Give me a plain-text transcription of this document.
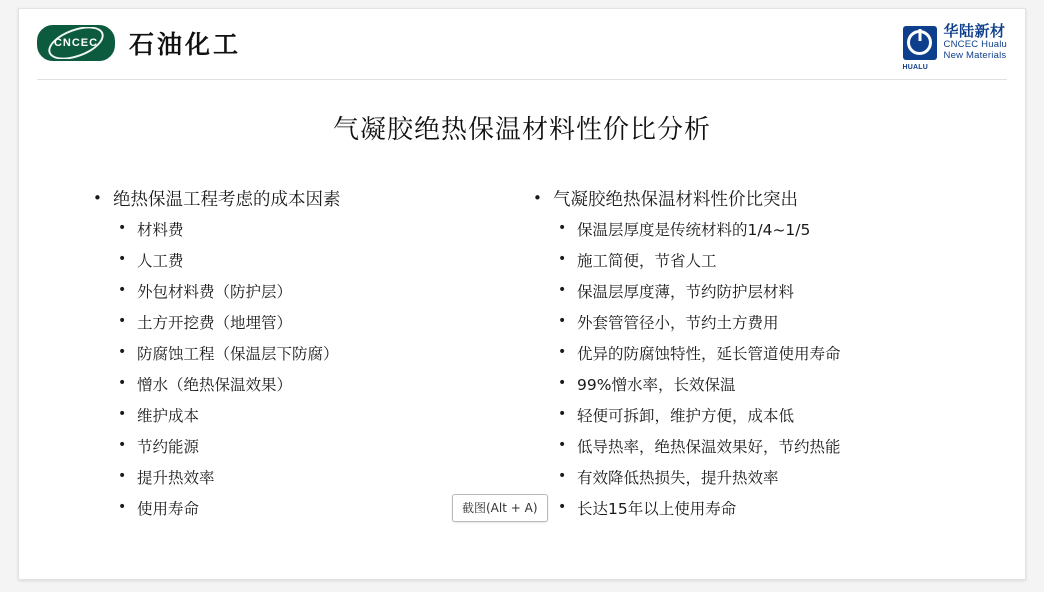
CNCEC 石油化工
HUALU
华陆新材
CNCEC Hualu
New Materials
气凝胶绝热保温材料性价比分析
• 绝热保温工程考虑的成本因素
• 材料费
• 人工费
• 外包材料费（防护层）
• 土方开挖费（地埋管）
• 防腐蚀工程（保温层下防腐）
• 憎水（绝热保温效果）
• 维护成本
• 节约能源
• 提升热效率
• 使用寿命
• 气凝胶绝热保温材料性价比突出
• 保温层厚度是传统材料的1/4~1/5
• 施工简便，节省人工
• 保温层厚度薄，节约防护层材料
• 外套管管径小，节约土方费用
• 优异的防腐蚀特性，延长管道使用寿命
• 99%憎水率，长效保温
• 轻便可拆卸，维护方便，成本低
• 低导热率，绝热保温效果好，节约热能
• 有效降低热损失，提升热效率
• 长达15年以上使用寿命
截图(Alt + A)
